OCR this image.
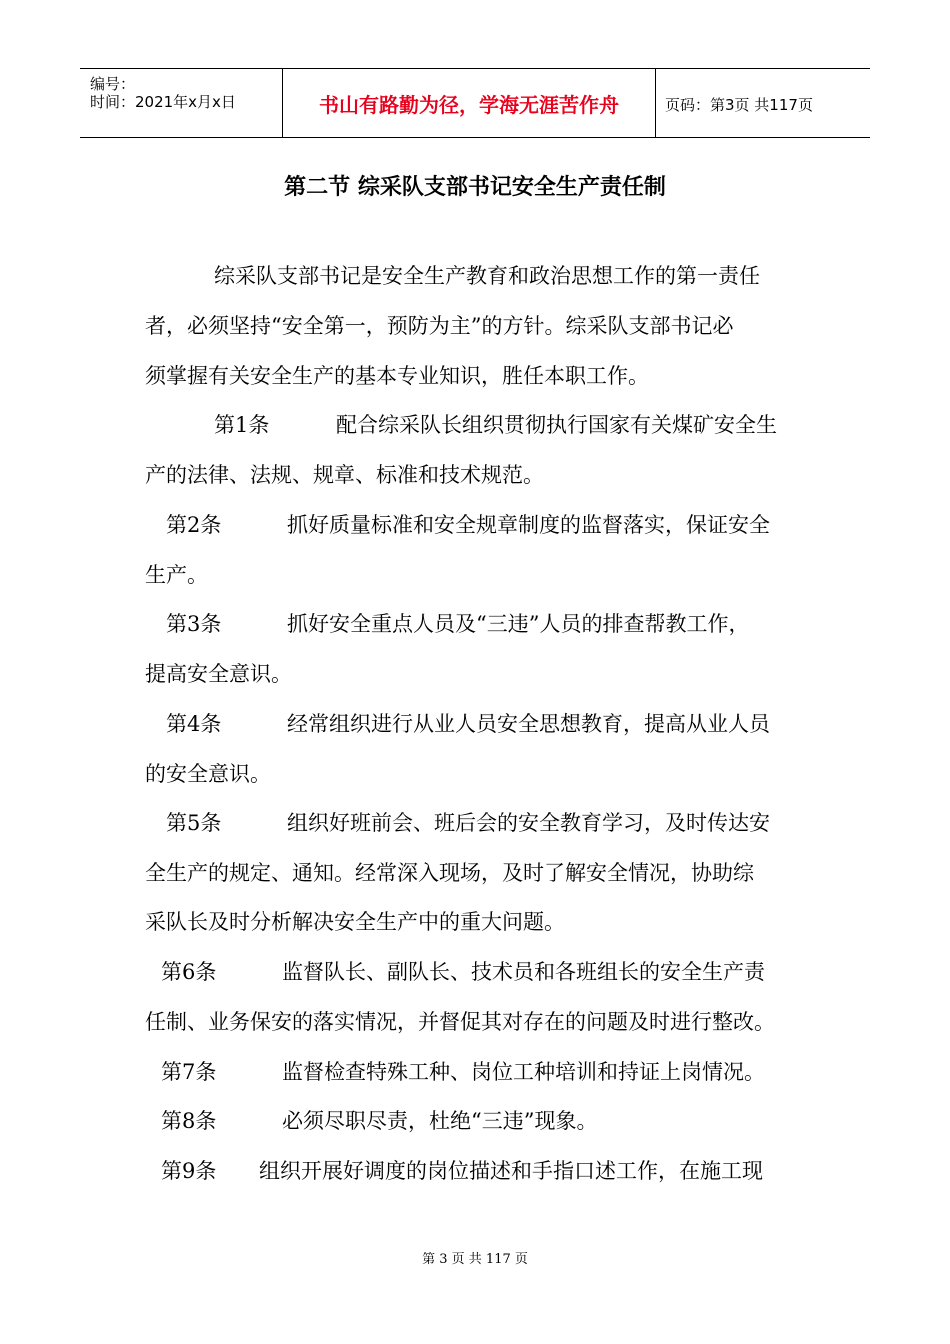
编号：
时间：2021年x月x日	书山有路勤为径，学海无涯苦作舟	页码：第3页 共117页
第二节 综采队支部书记安全生产责任制
综采队支部书记是安全生产教育和政治思想工作的第一责任
者，必须坚持“安全第一，预防为主”的方针。综采队支部书记必
须掌握有关安全生产的基本专业知识，胜任本职工作。
第1条	配合综采队长组织贯彻执行国家有关煤矿安全生
产的法律、法规、规章、标准和技术规范。
第2条	抓好质量标准和安全规章制度的监督落实，保证安全
生产。
第3条	抓好安全重点人员及“三违”人员的排查帮教工作，
提高安全意识。
第4条	经常组织进行从业人员安全思想教育，提高从业人员
的安全意识。
第5条	组织好班前会、班后会的安全教育学习，及时传达安
全生产的规定、通知。经常深入现场，及时了解安全情况，协助综
采队长及时分析解决安全生产中的重大问题。
第6条	监督队长、副队长、技术员和各班组长的安全生产责
任制、业务保安的落实情况，并督促其对存在的问题及时进行整改。
第7条	监督检查特殊工种、岗位工种培训和持证上岗情况。
第8条	必须尽职尽责，杜绝“三违”现象。
第9条 组织开展好调度的岗位描述和手指口述工作，在施工现
第 3 页 共 117 页
